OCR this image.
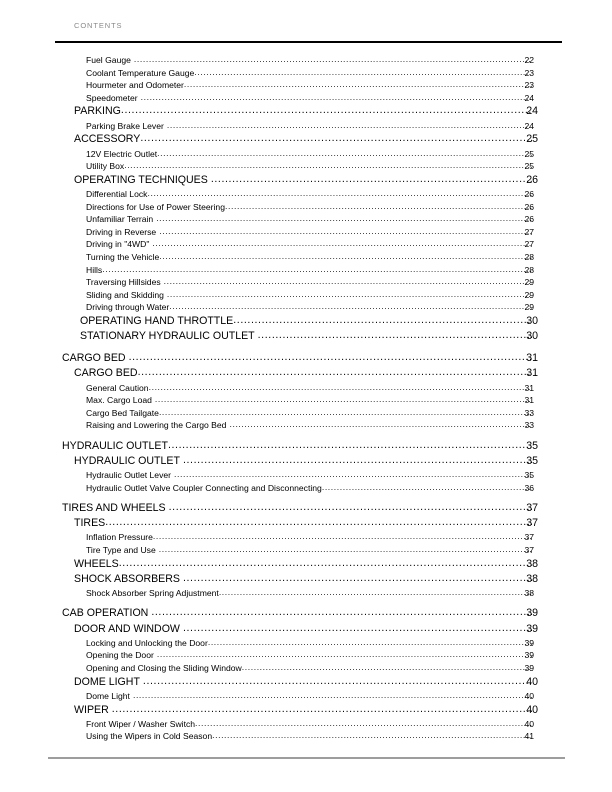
CONTENTS
Fuel Gauge .....	22
Coolant Temperature Gauge .....	23
Hourmeter and Odometer .....	23
Speedometer .....	24
PARKING .....	24
Parking Brake Lever .....	24
ACCESSORY .....	25
12V Electric Outlet .....	25
Utility Box .....	25
OPERATING TECHNIQUES .....	26
Differential Lock .....	26
Directions for Use of Power Steering .....	26
Unfamiliar Terrain .....	26
Driving in Reverse .....	27
Driving in "4WD" .....	27
Turning the Vehicle .....	28
Hills .....	28
Traversing Hillsides .....	29
Sliding and Skidding .....	29
Driving through Water .....	29
OPERATING HAND THROTTLE .....	30
STATIONARY HYDRAULIC OUTLET .....	30
CARGO BED .....	31
CARGO BED .....	31
General Caution .....	31
Max. Cargo Load .....	31
Cargo Bed Tailgate .....	33
Raising and Lowering the Cargo Bed .....	33
HYDRAULIC OUTLET .....	35
HYDRAULIC OUTLET .....	35
Hydraulic Outlet Lever .....	35
Hydraulic Outlet Valve Coupler Connecting and Disconnecting .....	36
TIRES AND WHEELS .....	37
TIRES .....	37
Inflation Pressure .....	37
Tire Type and Use .....	37
WHEELS .....	38
SHOCK ABSORBERS .....	38
Shock Absorber Spring Adjustment .....	38
CAB OPERATION .....	39
DOOR AND WINDOW .....	39
Locking and Unlocking the Door .....	39
Opening the Door .....	39
Opening and Closing the Sliding Window .....	39
DOME LIGHT .....	40
Dome Light .....	40
WIPER .....	40
Front Wiper / Washer Switch .....	40
Using the Wipers in Cold Season .....	41
